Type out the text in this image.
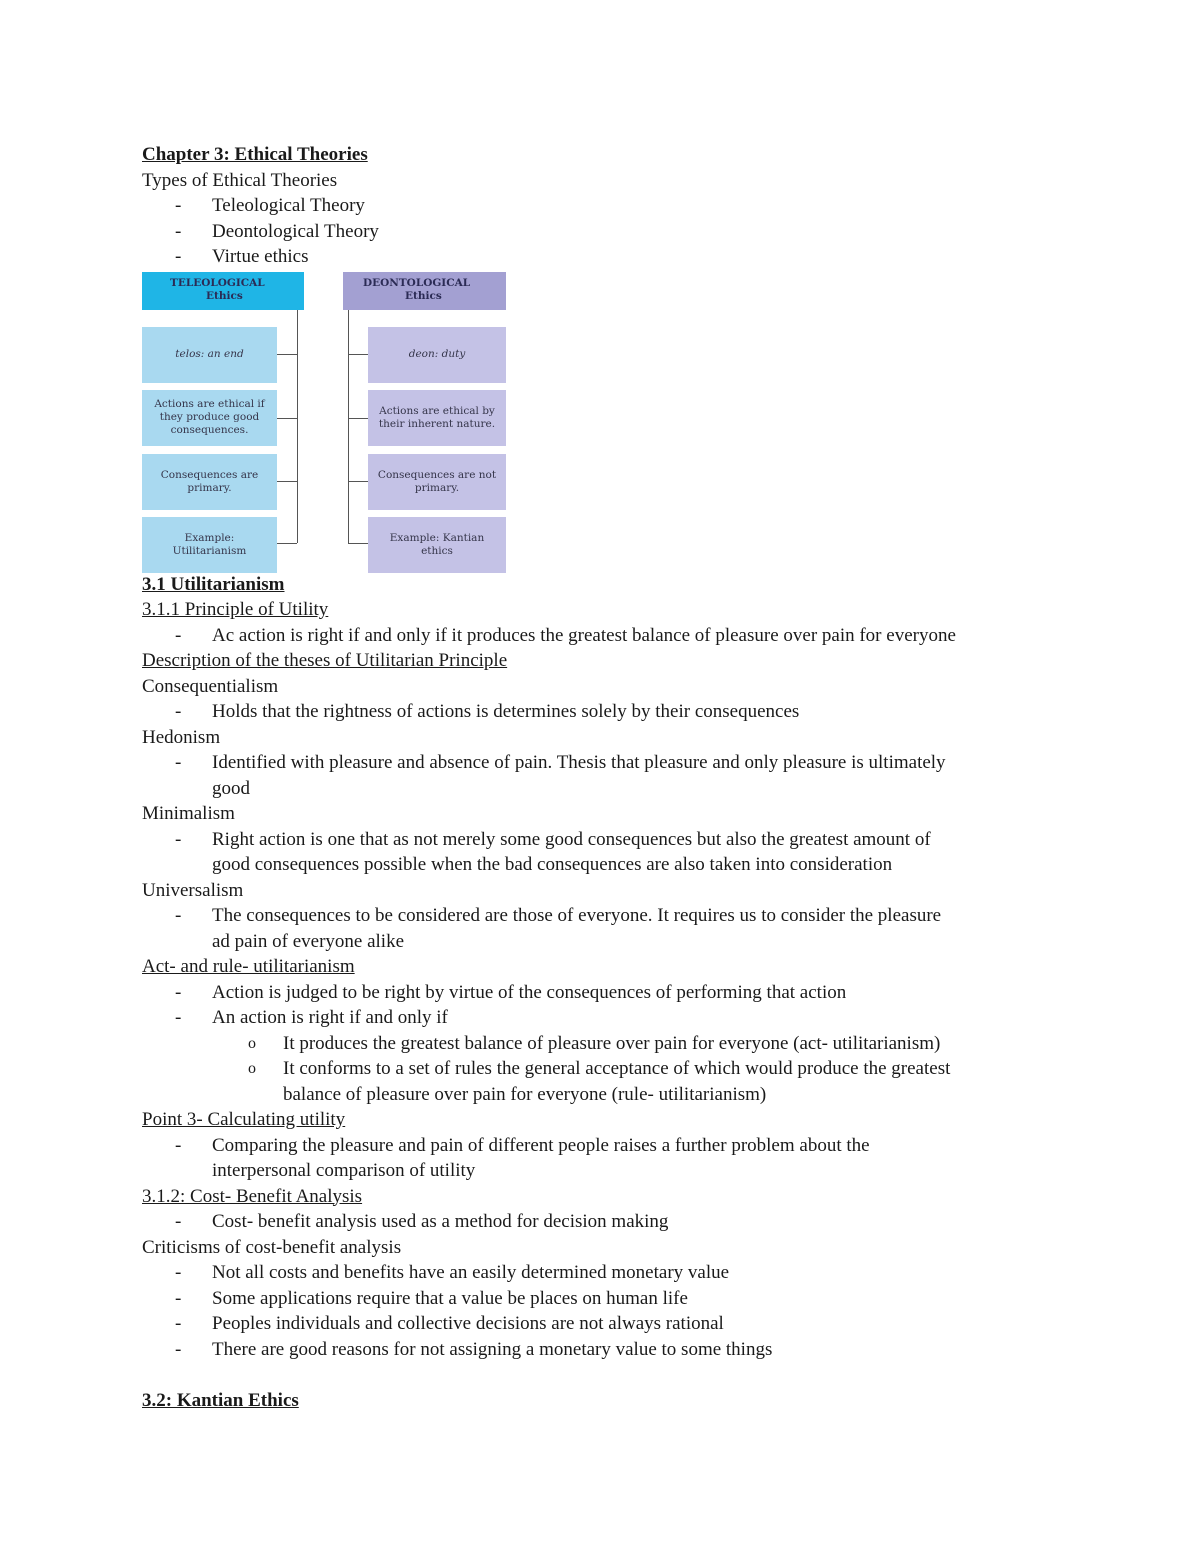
Chapter 3: Ethical Theories
Types of Ethical Theories
- Teleological Theory
- Deontological Theory
- Virtue ethics
TELEOLOGICAL
Ethics
DEONTOLOGICAL
Ethics
telos: an end
Actions are ethical if they produce good consequences.
Consequences are primary.
Example: Utilitarianism
deon: duty
Actions are ethical by their inherent nature.
Consequences are not primary.
Example: Kantian ethics
3.1 Utilitarianism
3.1.1 Principle of Utility
- Ac action is right if and only if it produces the greatest balance of pleasure over pain for everyone
Description of the theses of Utilitarian Principle
Consequentialism
- Holds that the rightness of actions is determines solely by their consequences
Hedonism
- Identified with pleasure and absence of pain. Thesis that pleasure and only pleasure is ultimately
good
Minimalism
- Right action is one that as not merely some good consequences but also the greatest amount of
good consequences possible when the bad consequences are also taken into consideration
Universalism
- The consequences to be considered are those of everyone. It requires us to consider the pleasure
ad pain of everyone alike
Act- and rule- utilitarianism
- Action is judged to be right by virtue of the consequences of performing that action
- An action is right if and only if
o It produces the greatest balance of pleasure over pain for everyone (act- utilitarianism)
o It conforms to a set of rules the general acceptance of which would produce the greatest
balance of pleasure over pain for everyone (rule- utilitarianism)
Point 3- Calculating utility
- Comparing the pleasure and pain of different people raises a further problem about the
interpersonal comparison of utility
3.1.2: Cost- Benefit Analysis
- Cost- benefit analysis used as a method for decision making
Criticisms of cost-benefit analysis
- Not all costs and benefits have an easily determined monetary value
- Some applications require that a value be places on human life
- Peoples individuals and collective decisions are not always rational
- There are good reasons for not assigning a monetary value to some things
3.2: Kantian Ethics
